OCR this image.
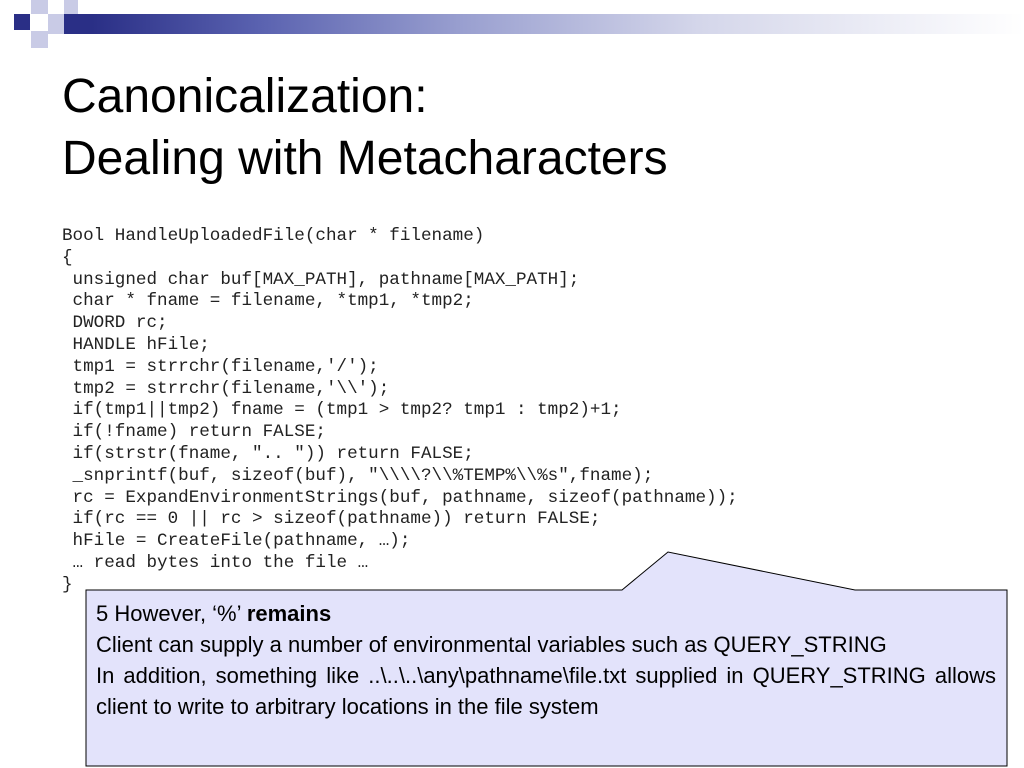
Canonicalization:
Dealing with Metacharacters
Bool HandleUploadedFile(char * filename)
{
unsigned char buf[MAX_PATH], pathname[MAX_PATH];
char * fname = filename, *tmp1, *tmp2;
DWORD rc;
HANDLE hFile;
tmp1 = strrchr(filename,'/');
tmp2 = strrchr(filename,'\\');
if(tmp1||tmp2) fname = (tmp1 > tmp2? tmp1 : tmp2)+1;
if(!fname) return FALSE;
if(strstr(fname, ".. ")) return FALSE;
_snprintf(buf, sizeof(buf), "\\\\?\\%TEMP%\\%s",fname);
rc = ExpandEnvironmentStrings(buf, pathname, sizeof(pathname));
if(rc == 0 || rc > sizeof(pathname)) return FALSE;
hFile = CreateFile(pathname, …);
… read bytes into the file …
}

5 However, ‘%’ remains

Client can supply a number of environmental variables such as QUERY_STRING

In addition, something like ..\..\..\any\pathname\file.txt supplied in QUERY_STRING allows client to write to arbitrary locations in the file system
